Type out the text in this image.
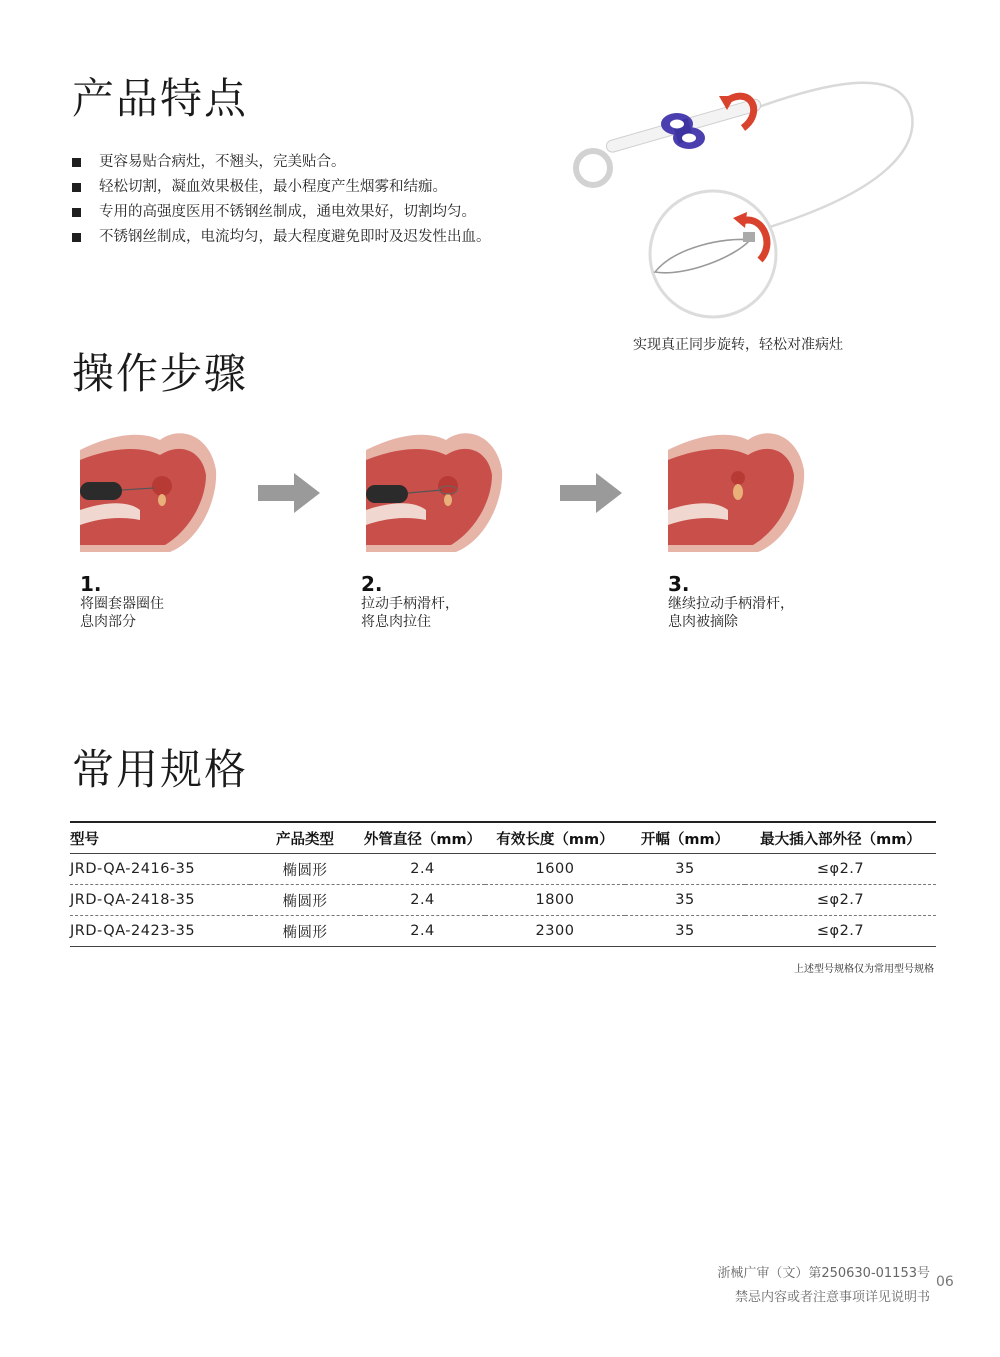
产品特点
更容易贴合病灶，不翘头，完美贴合。
轻松切割，凝血效果极佳，最小程度产生烟雾和结痂。
专用的高强度医用不锈钢丝制成，通电效果好，切割均匀。
不锈钢丝制成，电流均匀，最大程度避免即时及迟发性出血。
实现真正同步旋转，轻松对准病灶
操作步骤
1.
将圈套器圈住
息肉部分
2.
拉动手柄滑杆，
将息肉拉住
3.
继续拉动手柄滑杆，
息肉被摘除
常用规格
型号	产品类型	外管直径（mm）	有效长度（mm）	开幅（mm）	最大插入部外径（mm）
JRD-QA-2416-35	椭圆形	2.4	1600	35	≤φ2.7
JRD-QA-2418-35	椭圆形	2.4	1800	35	≤φ2.7
JRD-QA-2423-35	椭圆形	2.4	2300	35	≤φ2.7
上述型号规格仅为常用型号规格
浙械广审（文）第250630-01153号
禁忌内容或者注意事项详见说明书
06
